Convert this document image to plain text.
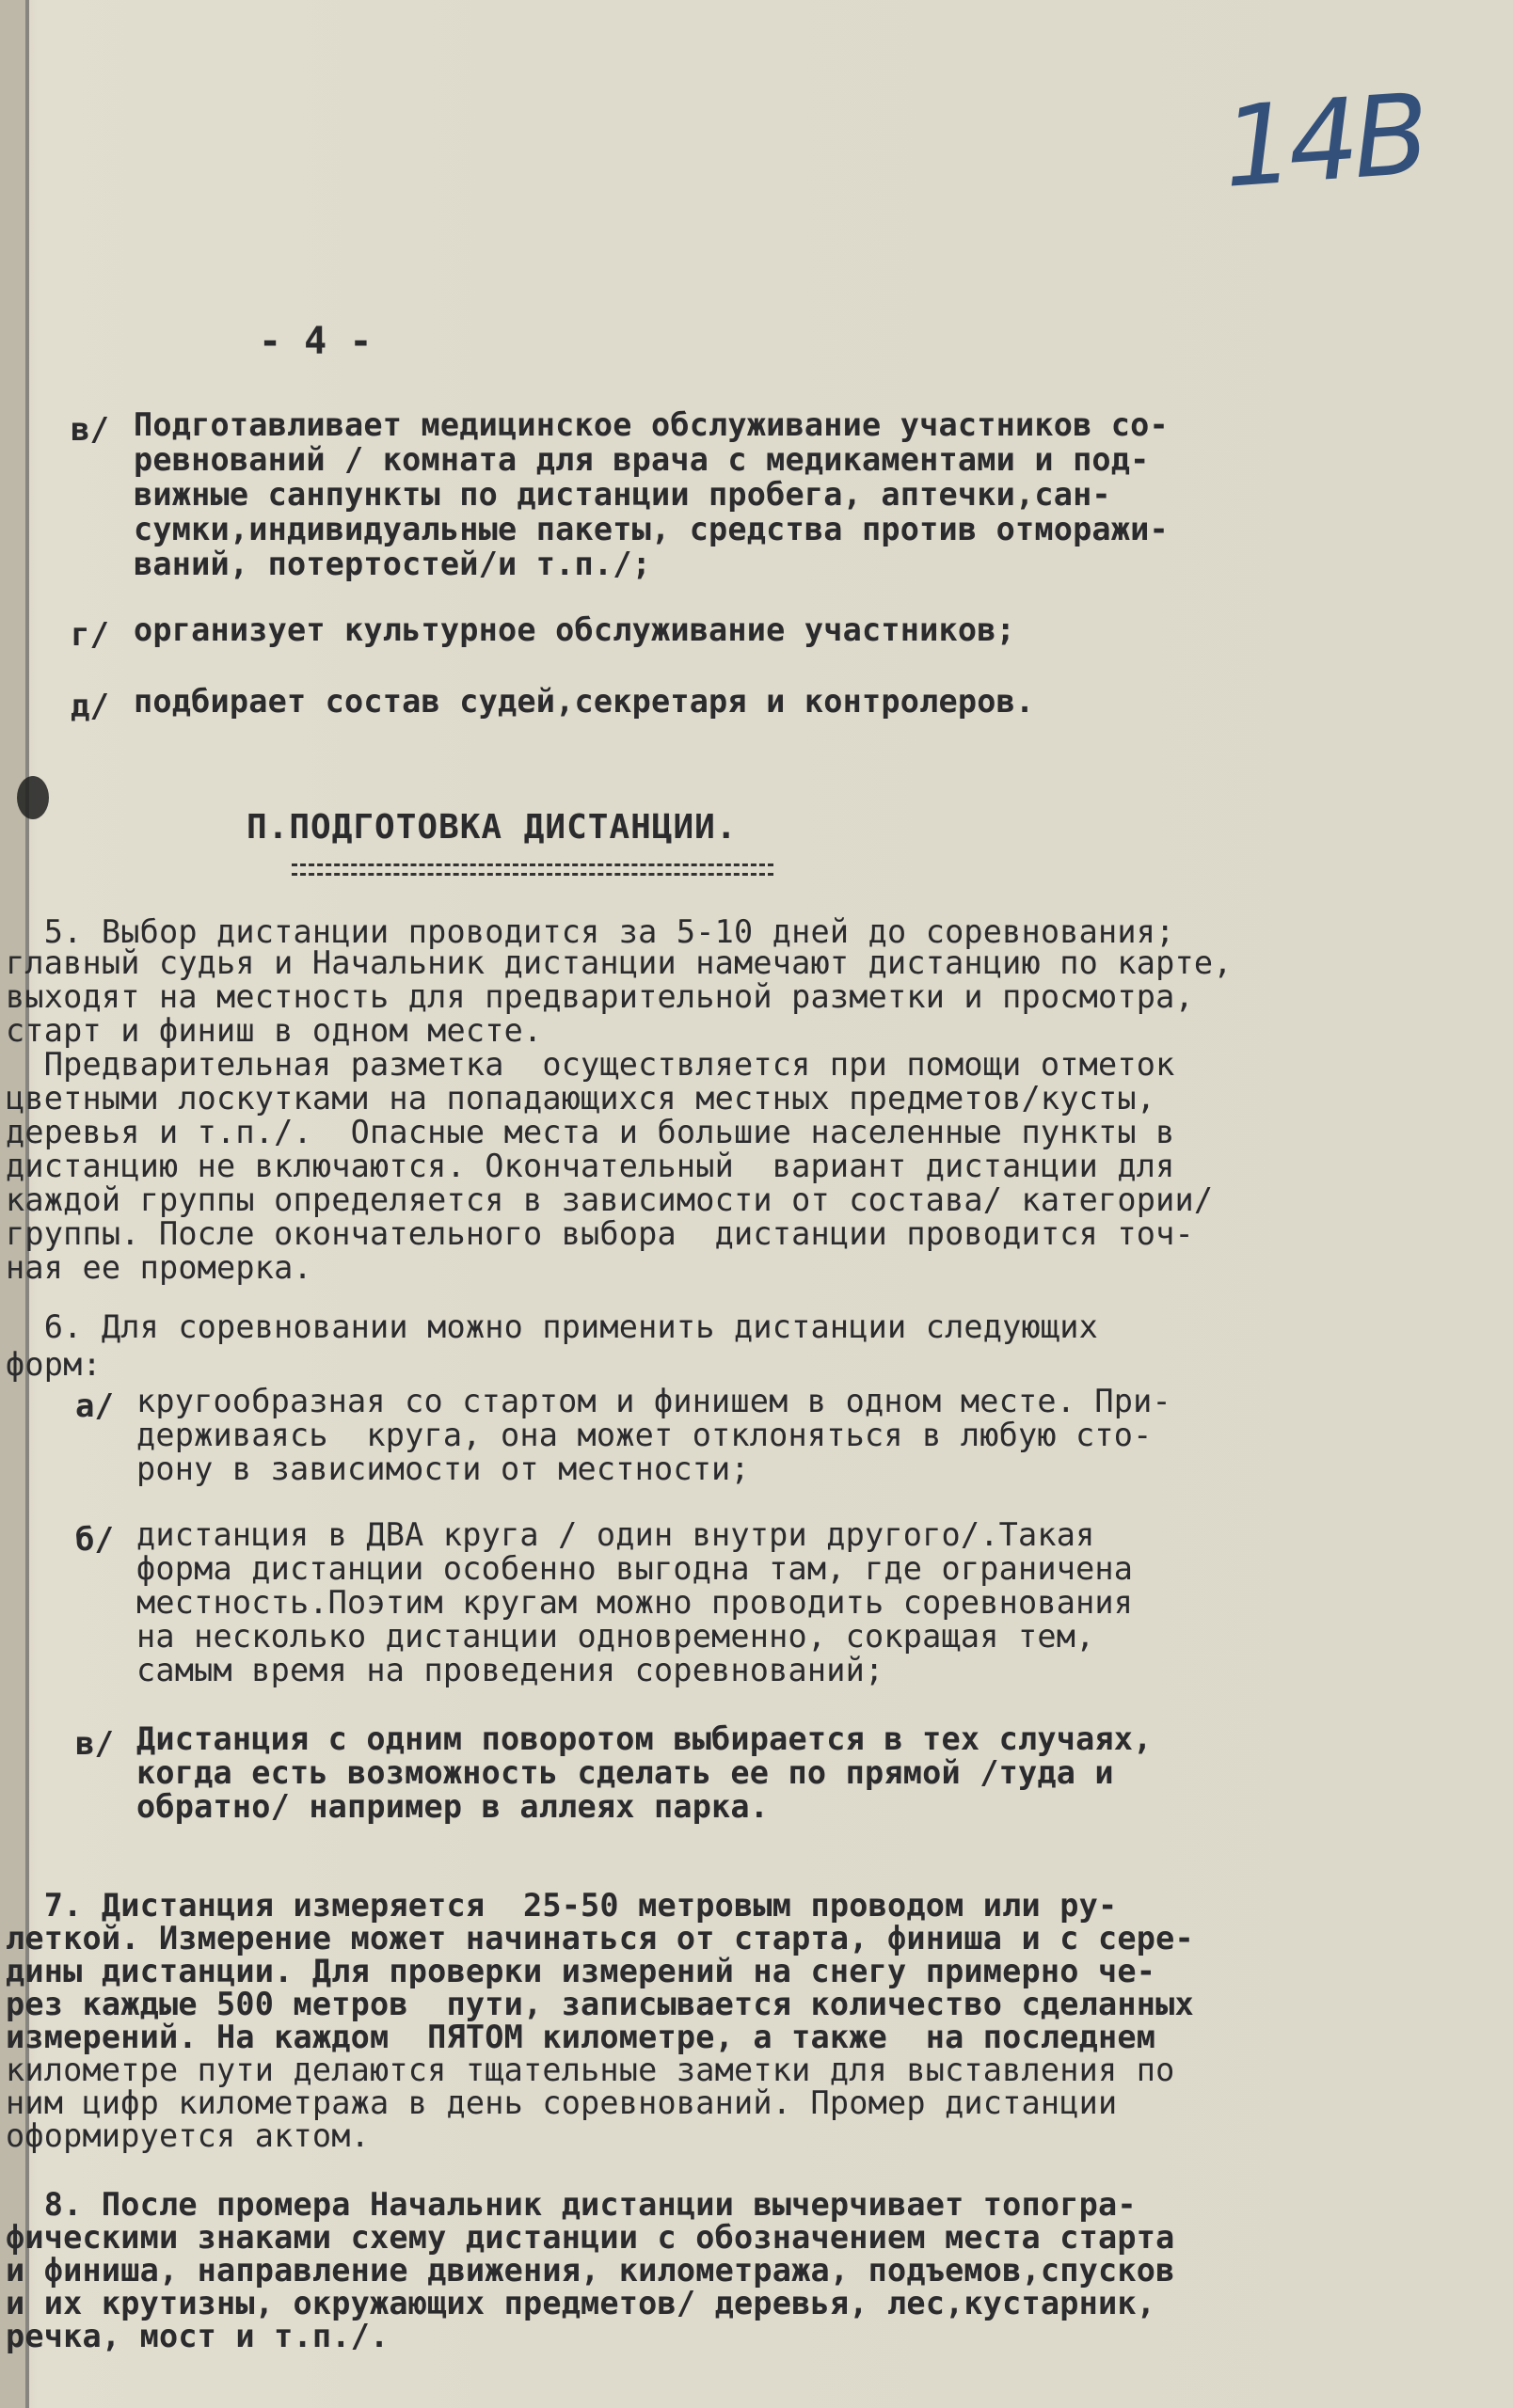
14В
- 4 -
в/ Подготавливает медицинское обслуживание участников со-
ревнований / комната для врача с медикаментами и под-
вижные санпункты по дистанции пробега, аптечки,сан-
сумки,индивидуальные пакеты, средства против отморажи-
ваний, потертостей/и т.п./;
г/ организует культурное обслуживание участников;
д/ подбирает состав судей,секретаря и контролеров.
П.ПОДГОТОВКА ДИСТАНЦИИ.
5. Выбор дистанции проводится за 5-10 дней до соревнования;
главный судья и Начальник дистанции намечают дистанцию по карте,
выходят на местность для предварительной разметки и просмотра,
старт и финиш в одном месте.
Предварительная разметка  осуществляется при помощи отметок
цветными лоскутками на попадающихся местных предметов/кусты,
деревья и т.п./.  Опасные места и большие населенные пункты в
дистанцию не включаются. Окончательный  вариант дистанции для
каждой группы определяется в зависимости от состава/ категории/
группы. После окончательного выбора  дистанции проводится точ-
ная ее промерка.
6. Для соревновании можно применить дистанции следующих
форм:
а/ кругообразная со стартом и финишем в одном месте. При-
держиваясь  круга, она может отклоняться в любую сто-
рону в зависимости от местности;
б/ дистанция в ДВА круга / один внутри другого/.Такая
форма дистанции особенно выгодна там, где ограничена
местность.Поэтим кругам можно проводить соревнования
на несколько дистанции одновременно, сокращая тем,
самым время на проведения соревнований;
в/ Дистанция с одним поворотом выбирается в тех случаях,
когда есть возможность сделать ее по прямой /туда и
обратно/ например в аллеях парка.
7. Дистанция измеряется  25-50 метровым проводом или ру-
леткой. Измерение может начинаться от старта, финиша и с сере-
дины дистанции. Для проверки измерений на снегу примерно че-
рез каждые 500 метров  пути, записывается количество сделанных
измерений. На каждом  ПЯТОМ километре, а также  на последнем
километре пути делаются тщательные заметки для выставления по
ним цифр километража в день соревнований. Промер дистанции
оформируется актом.
8. После промера Начальник дистанции вычерчивает топогра-
фическими знаками схему дистанции с обозначением места старта
и финиша, направление движения, километража, подъемов,спусков
и их крутизны, окружающих предметов/ деревья, лес,кустарник,
речка, мост и т.п./.
